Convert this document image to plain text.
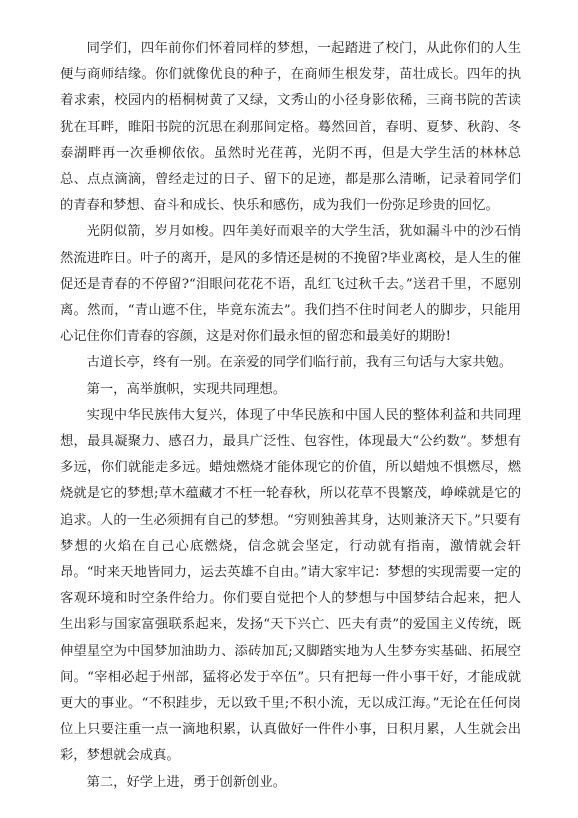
同学们，四年前你们怀着同样的梦想，一起踏进了校门，从此你们的人生便与商师结缘。你们就像优良的种子，在商师生根发芽，苗壮成长。四年的执着求索，校园内的梧桐树黄了又绿，文秀山的小径身影依稀，三商书院的苦读犹在耳畔，睢阳书院的沉思在刹那间定格。蓦然回首，春明、夏梦、秋韵、冬泰湖畔再一次垂柳依依。虽然时光荏苒，光阴不再，但是大学生活的林林总总、点点滴滴，曾经走过的日子、留下的足迹，都是那么清晰，记录着同学们的青春和梦想、奋斗和成长、快乐和感伤，成为我们一份弥足珍贵的回忆。

光阴似箭，岁月如梭。四年美好而艰辛的大学生活，犹如漏斗中的沙石悄然流进昨日。叶子的离开，是风的多情还是树的不挽留?毕业离校，是人生的催促还是青春的不停留?“泪眼问花花不语，乱红飞过秋千去。”送君千里，不愿别离。然而，“青山遮不住，毕竟东流去”。我们挡不住时间老人的脚步，只能用心记住你们青春的容颜，这是对你们最永恒的留恋和最美好的期盼!

古道长亭，终有一别。在亲爱的同学们临行前，我有三句话与大家共勉。

第一，高举旗帜，实现共同理想。

实现中华民族伟大复兴，体现了中华民族和中国人民的整体利益和共同理想，最具凝聚力、感召力，最具广泛性、包容性，体现最大“公约数”。梦想有多远，你们就能走多远。蜡烛燃烧才能体现它的价值，所以蜡烛不惧燃尽，燃烧就是它的梦想;草木蕴藏才不枉一轮春秋，所以花草不畏繁茂，峥嵘就是它的追求。人的一生必须拥有自己的梦想。“穷则独善其身，达则兼济天下。”只要有梦想的火焰在自己心底燃烧，信念就会坚定，行动就有指南，激情就会轩昂。“时来天地皆同力，运去英雄不自由。”请大家牢记：梦想的实现需要一定的客观环境和时空条件给力。你们要自觉把个人的梦想与中国梦结合起来，把人生出彩与国家富强联系起来，发扬“天下兴亡、匹夫有责”的爱国主义传统，既伸望星空为中国梦加油助力、添砖加瓦;又脚踏实地为人生梦夯实基础、拓展空间。“宰相必起于州部，猛将必发于卒伍”。只有把每一件小事干好，才能成就更大的事业。“不积跬步，无以致千里;不积小流，无以成江海。”无论在任何岗位上只要注重一点一滴地积累，认真做好一件件小事，日积月累，人生就会出彩，梦想就会成真。

第二，好学上进，勇于创新创业。
